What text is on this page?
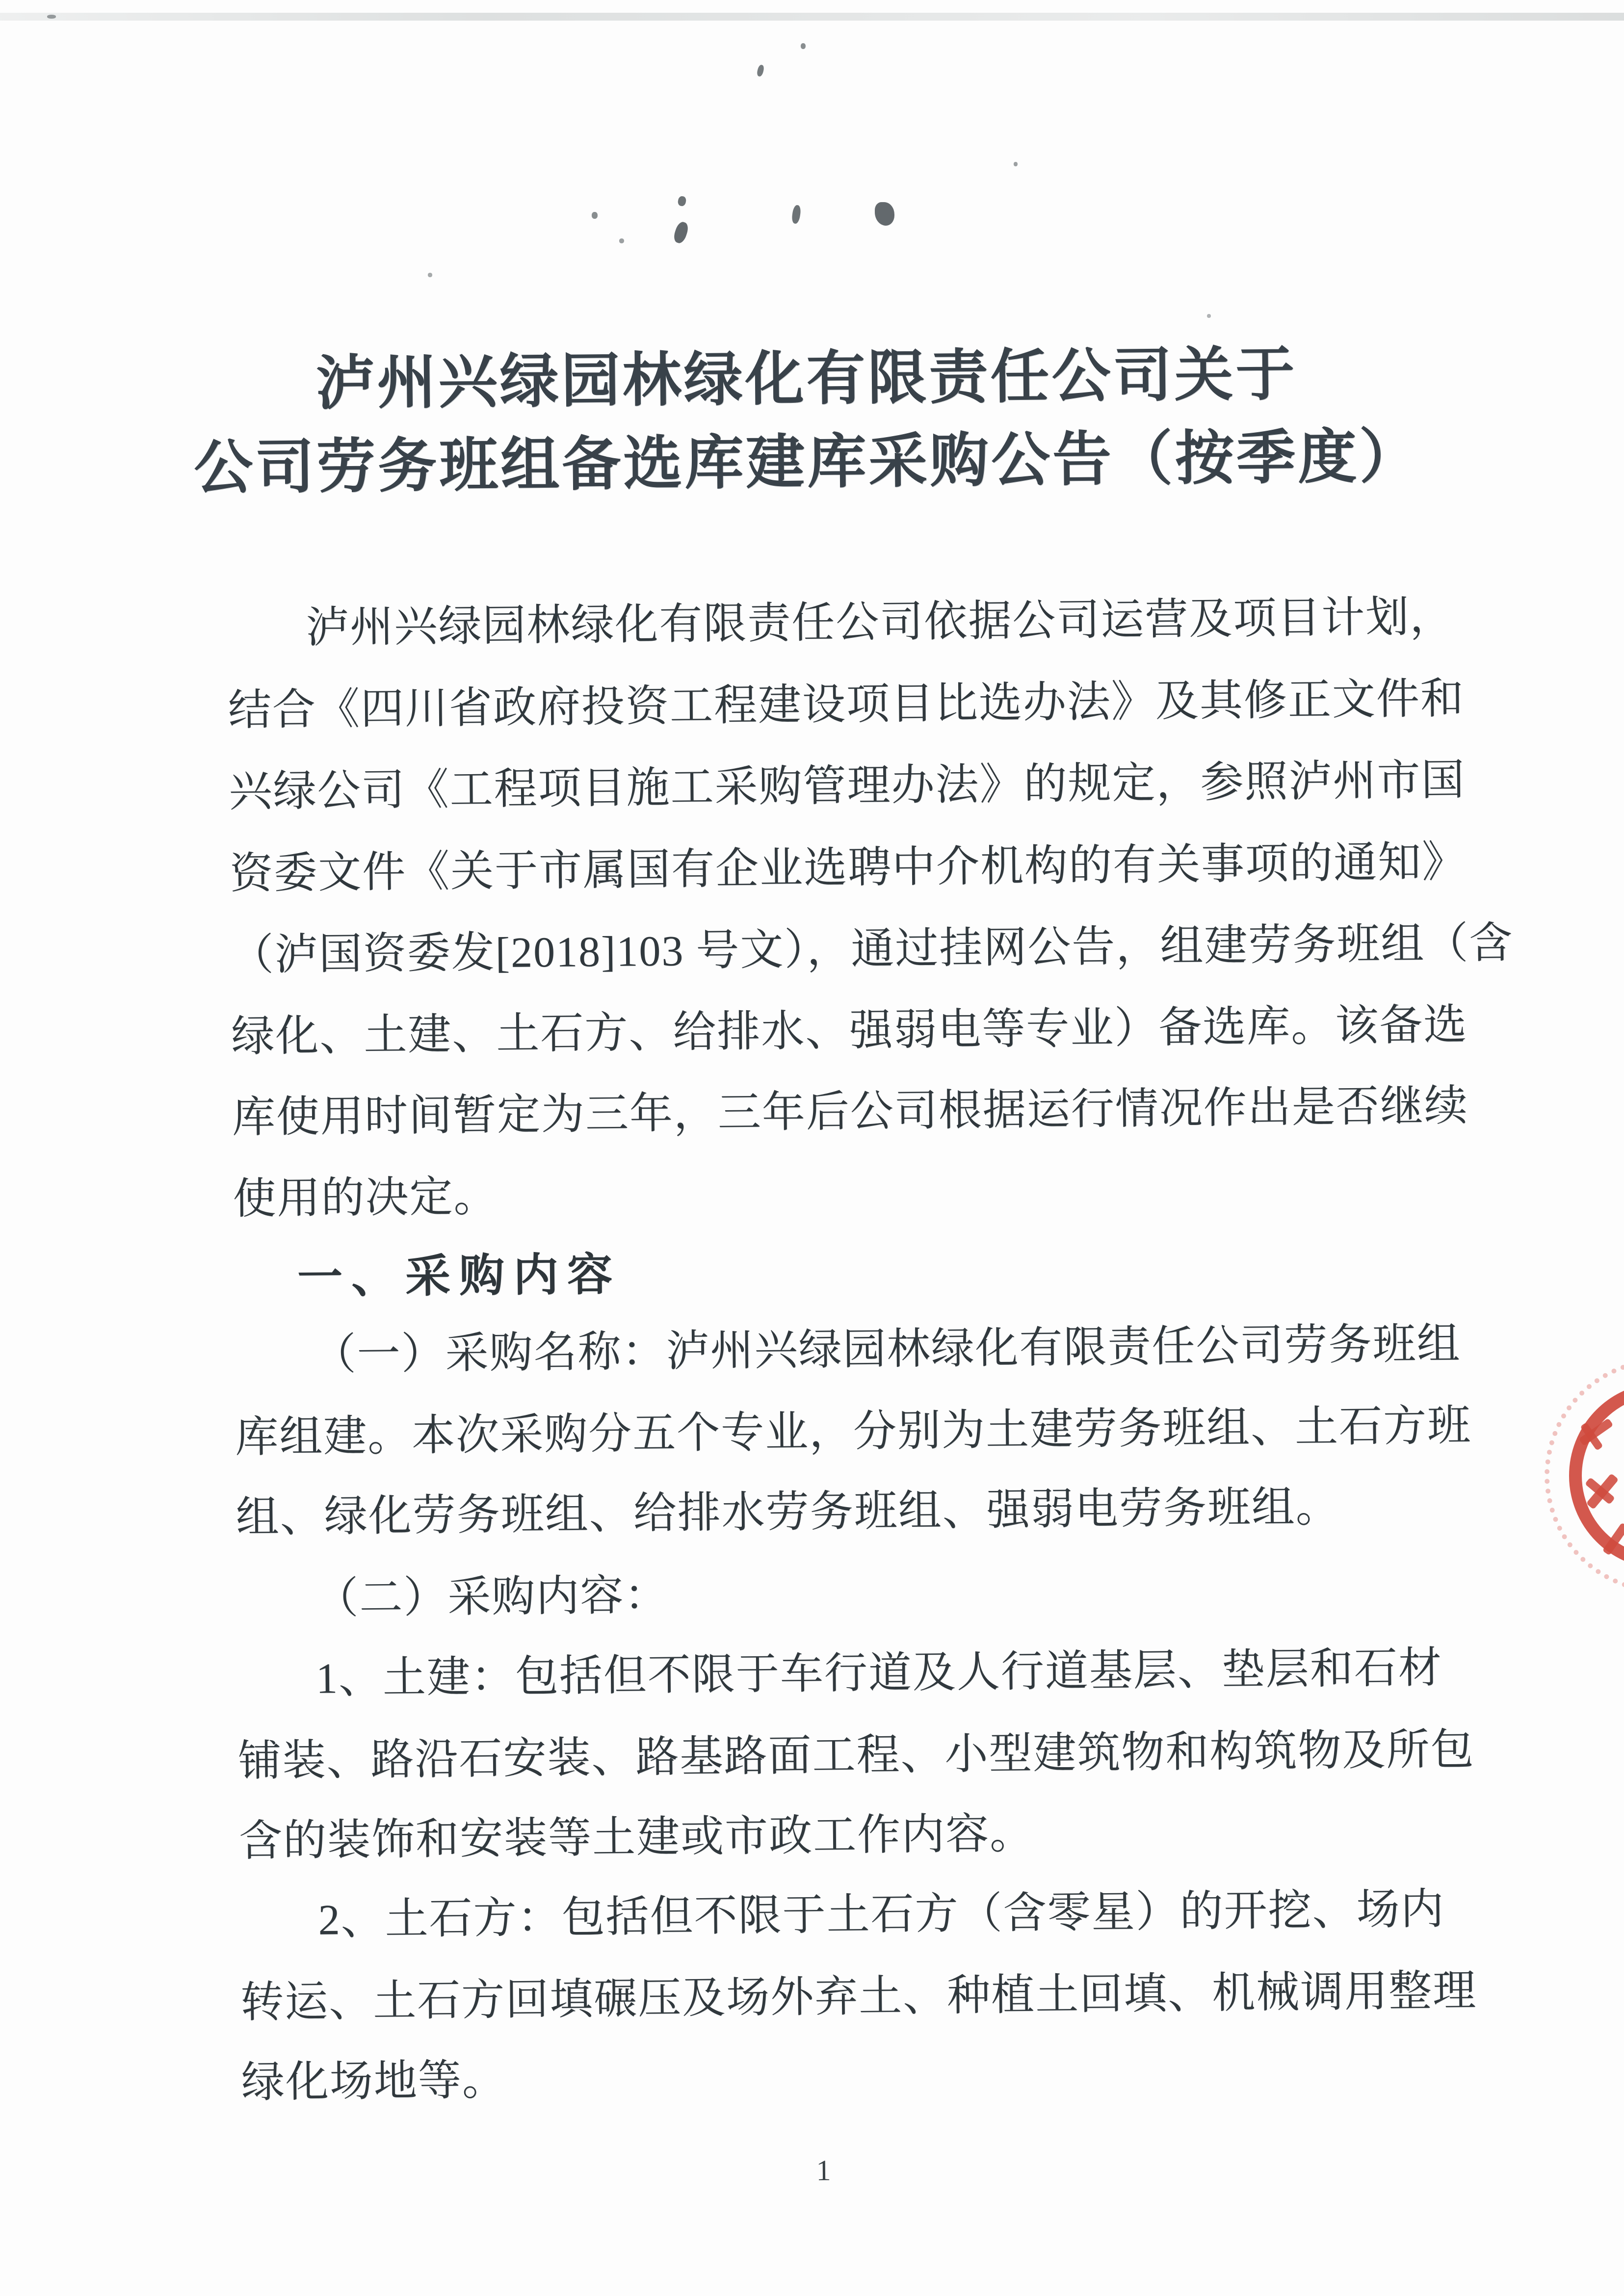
泸州兴绿园林绿化有限责任公司关于
公司劳务班组备选库建库采购公告（按季度）
泸州兴绿园林绿化有限责任公司依据公司运营及项目计划，
结合《四川省政府投资工程建设项目比选办法》及其修正文件和
兴绿公司《工程项目施工采购管理办法》的规定，参照泸州市国
资委文件《关于市属国有企业选聘中介机构的有关事项的通知》
（泸国资委发[2018]103 号文），通过挂网公告，组建劳务班组（含
绿化、土建、土石方、给排水、强弱电等专业）备选库。该备选
库使用时间暂定为三年，三年后公司根据运行情况作出是否继续
使用的决定。
一、采购内容
（一）采购名称：泸州兴绿园林绿化有限责任公司劳务班组
库组建。本次采购分五个专业，分别为土建劳务班组、土石方班
组、绿化劳务班组、给排水劳务班组、强弱电劳务班组。
（二）采购内容：
1、土建：包括但不限于车行道及人行道基层、垫层和石材
铺装、路沿石安装、路基路面工程、小型建筑物和构筑物及所包
含的装饰和安装等土建或市政工作内容。
2、土石方：包括但不限于土石方（含零星）的开挖、场内
转运、土石方回填碾压及场外弃土、种植土回填、机械调用整理
绿化场地等。
1
